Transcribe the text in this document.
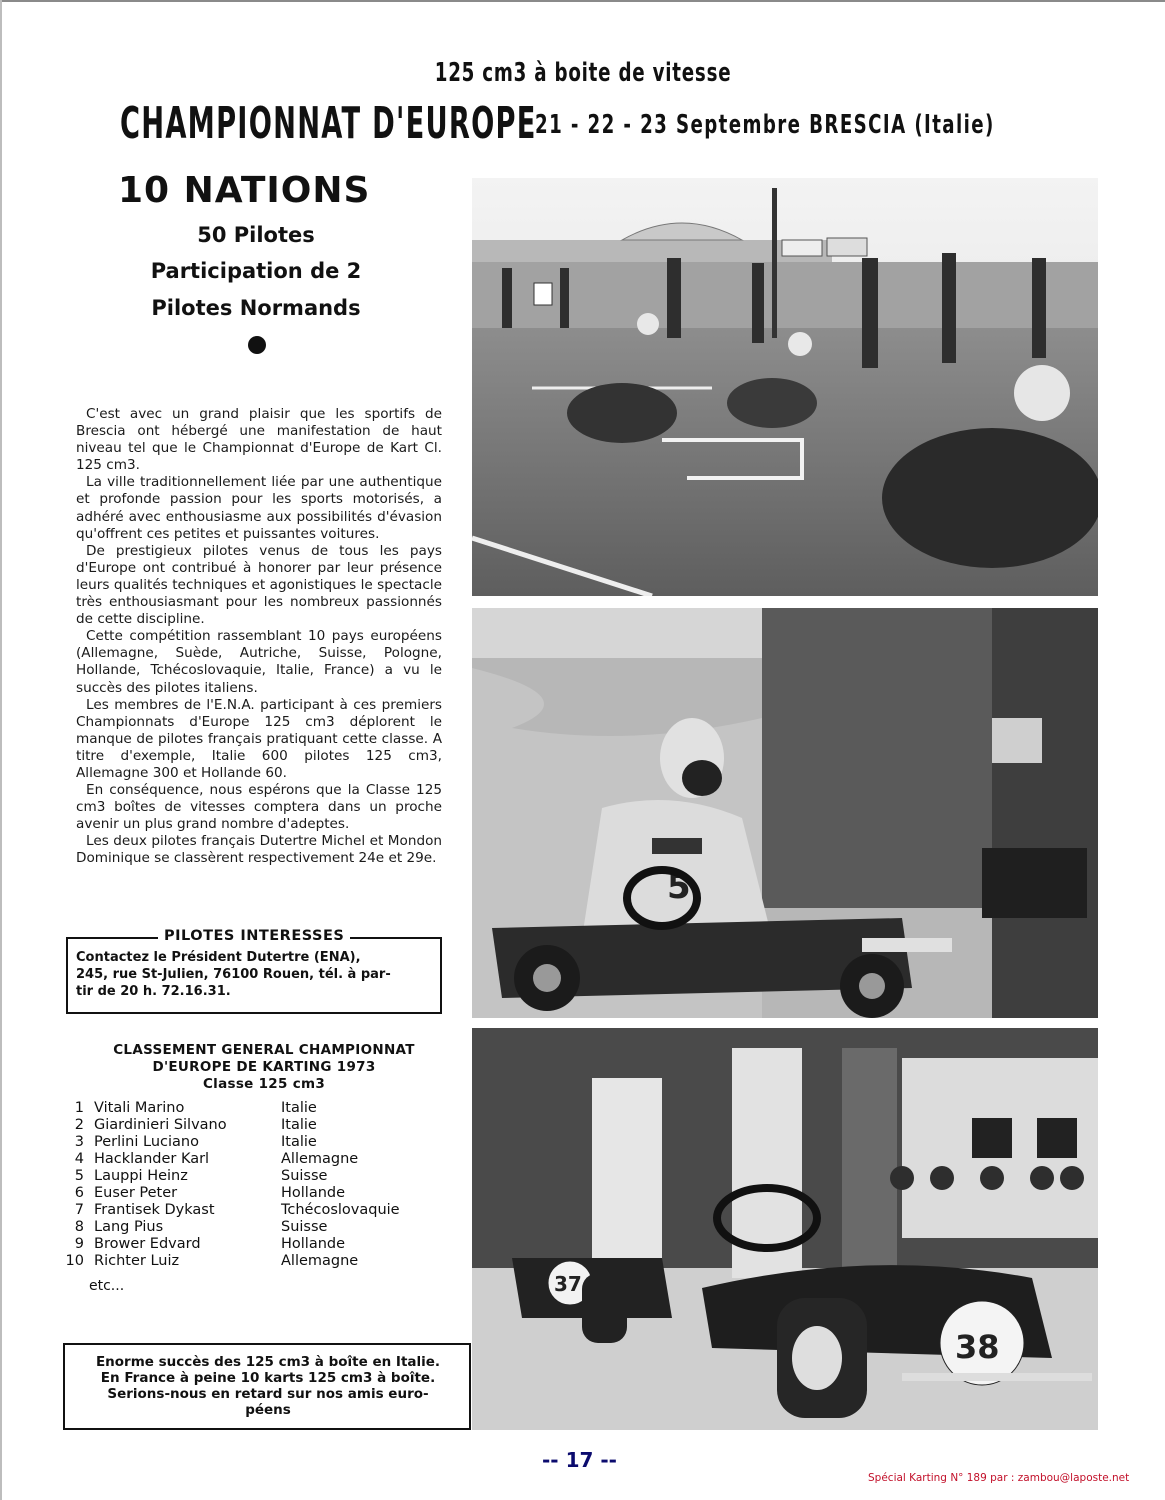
125 cm3 à boite de vitesse
CHAMPIONNAT D'EUROPE
21 - 22 - 23 Septembre BRESCIA (Italie)
10 NATIONS
50 Pilotes
Participation de 2
Pilotes Normands

C'est avec un grand plaisir que les sportifs de Brescia ont hébergé une manifestation de haut niveau tel que le Championnat d'Europe de Kart Cl. 125 cm3.

La ville traditionnellement liée par une authentique et profonde passion pour les sports motorisés, a adhéré avec enthousiasme aux possibilités d'évasion qu'offrent ces petites et puissantes voitures.

De prestigieux pilotes venus de tous les pays d'Europe ont contribué à honorer par leur présence leurs qualités techniques et agonistiques le spectacle très enthousiasmant pour les nombreux passionnés de cette discipline.

Cette compétition rassemblant 10 pays européens (Allemagne, Suède, Autriche, Suisse, Pologne, Hollande, Tchécoslovaquie, Italie, France) a vu le succès des pilotes italiens.

Les membres de l'E.N.A. participant à ces premiers Championnats d'Europe 125 cm3 déplorent le manque de pilotes français pratiquant cette classe. A titre d'exemple, Italie 600 pilotes 125 cm3, Allemagne 300 et Hollande 60.

En conséquence, nous espérons que la Classe 125 cm3 boîtes de vitesses comptera dans un proche avenir un plus grand nombre d'adeptes.

Les deux pilotes français Dutertre Michel et Mondon Dominique se classèrent respectivement 24e et 29e.

PILOTES INTERESSES
Contactez le Président Dutertre (ENA),
245, rue St-Julien, 76100 Rouen, tél. à par-
tir de 20 h. 72.16.31.
CLASSEMENT GENERAL CHAMPIONNAT
D'EUROPE DE KARTING 1973
Classe 125 cm3
1 Vitali Marino	Italie
2 Giardinieri Silvano	Italie
3 Perlini Luciano	Italie
4 Hacklander Karl	Allemagne
5 Lauppi Heinz	Suisse
6 Euser Peter	Hollande
7 Frantisek Dykast	Tchécoslovaquie
8 Lang Pius	Suisse
9 Brower Edvard	Hollande
10 Richter Luiz	Allemagne
etc...
Enorme succès des 125 cm3 à boîte en Italie.
En France à peine 10 karts 125 cm3 à boîte.
Serions-nous en retard sur nos amis euro-
péens
5
37
38
-- 17 --
Spécial Karting N° 189 par : zambou@laposte.net
